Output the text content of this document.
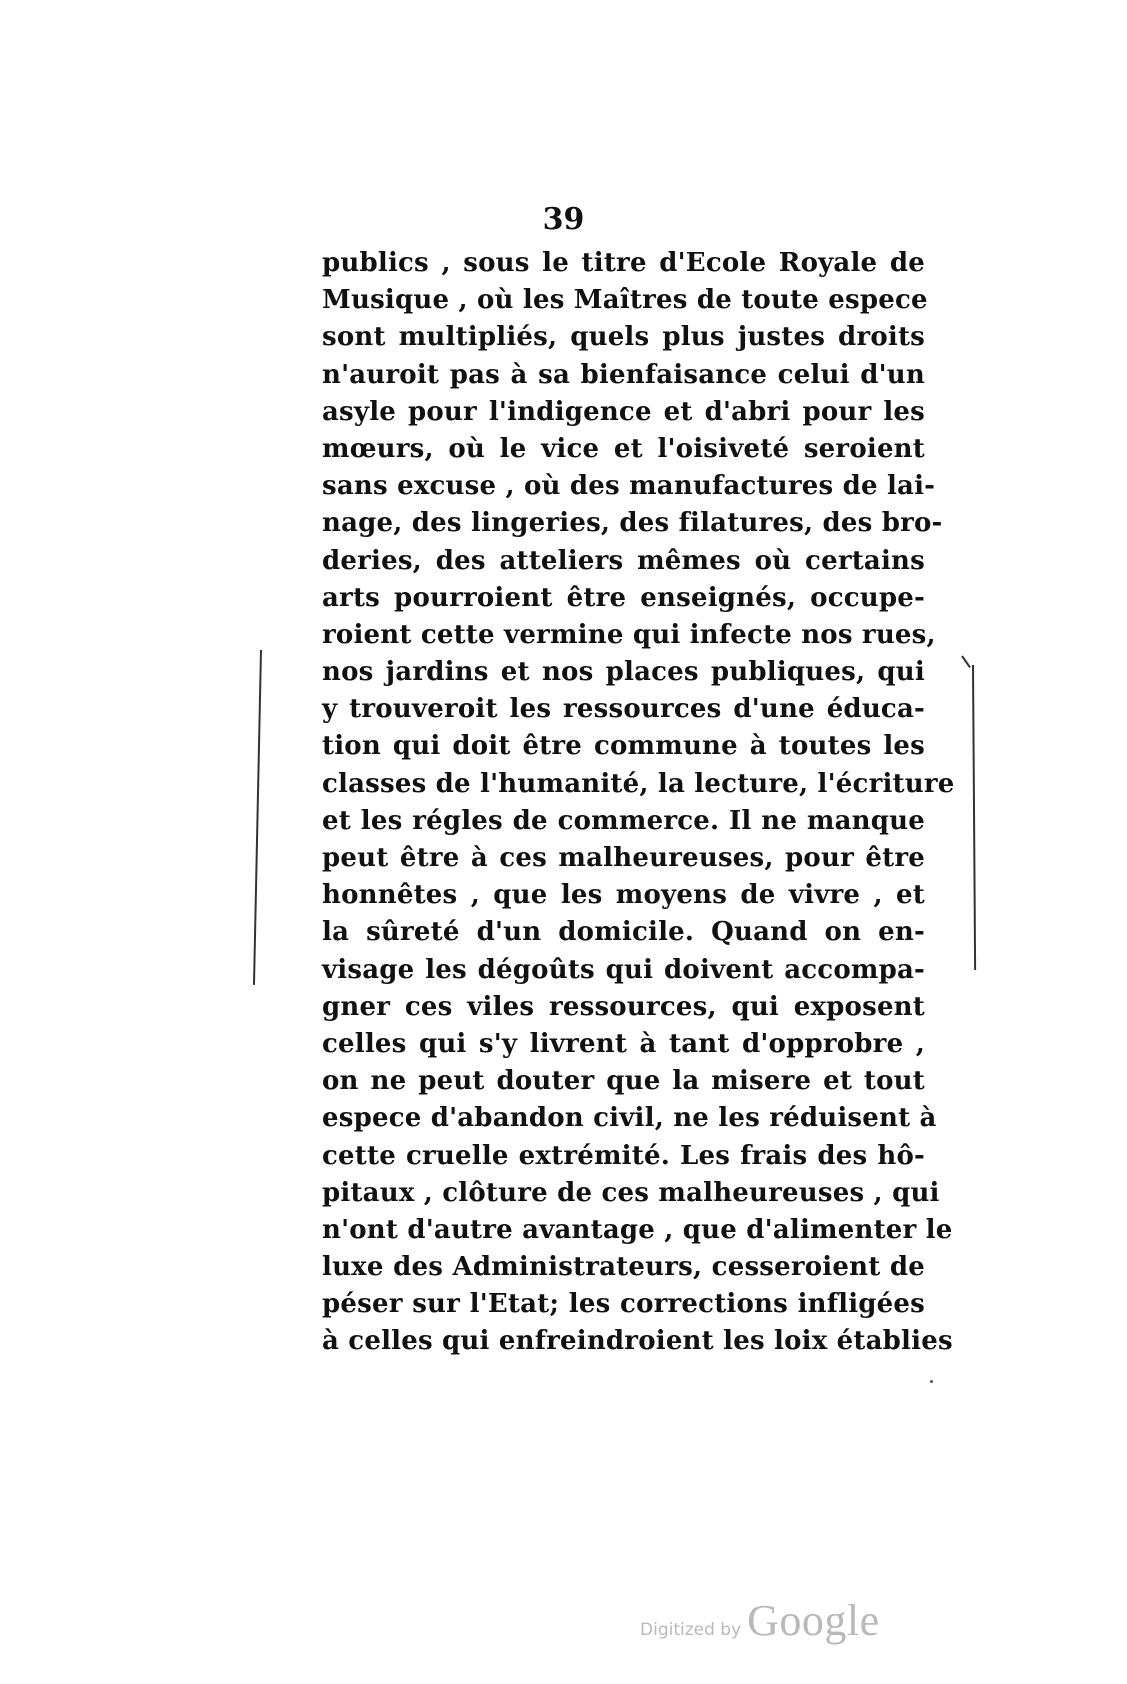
39
publics , sous le titre d'Ecole Royale de
Musique , où les Maîtres de toute espece
sont multipliés, quels plus justes droits
n'auroit pas à sa bienfaisance celui d'un
asyle pour l'indigence et d'abri pour les
mœurs, où le vice et l'oisiveté seroient
sans excuse , où des manufactures de lai-
nage, des lingeries, des filatures, des bro-
deries, des atteliers mêmes où certains
arts pourroient être enseignés, occupe-
roient cette vermine qui infecte nos rues,
nos jardins et nos places publiques, qui
y trouveroit les ressources d'une éduca-
tion qui doit être commune à toutes les
classes de l'humanité, la lecture, l'écriture
et les régles de commerce. Il ne manque
peut être à ces malheureuses, pour être
honnêtes , que les moyens de vivre , et
la sûreté d'un domicile. Quand on en-
visage les dégoûts qui doivent accompa-
gner ces viles ressources, qui exposent
celles qui s'y livrent à tant d'opprobre ,
on ne peut douter que la misere et tout
espece d'abandon civil, ne les réduisent à
cette cruelle extrémité. Les frais des hô-
pitaux , clôture de ces malheureuses , qui
n'ont d'autre avantage , que d'alimenter le
luxe des Administrateurs, cesseroient de
péser sur l'Etat; les corrections infligées
à celles qui enfreindroient les loix établies
Digitized by Google
